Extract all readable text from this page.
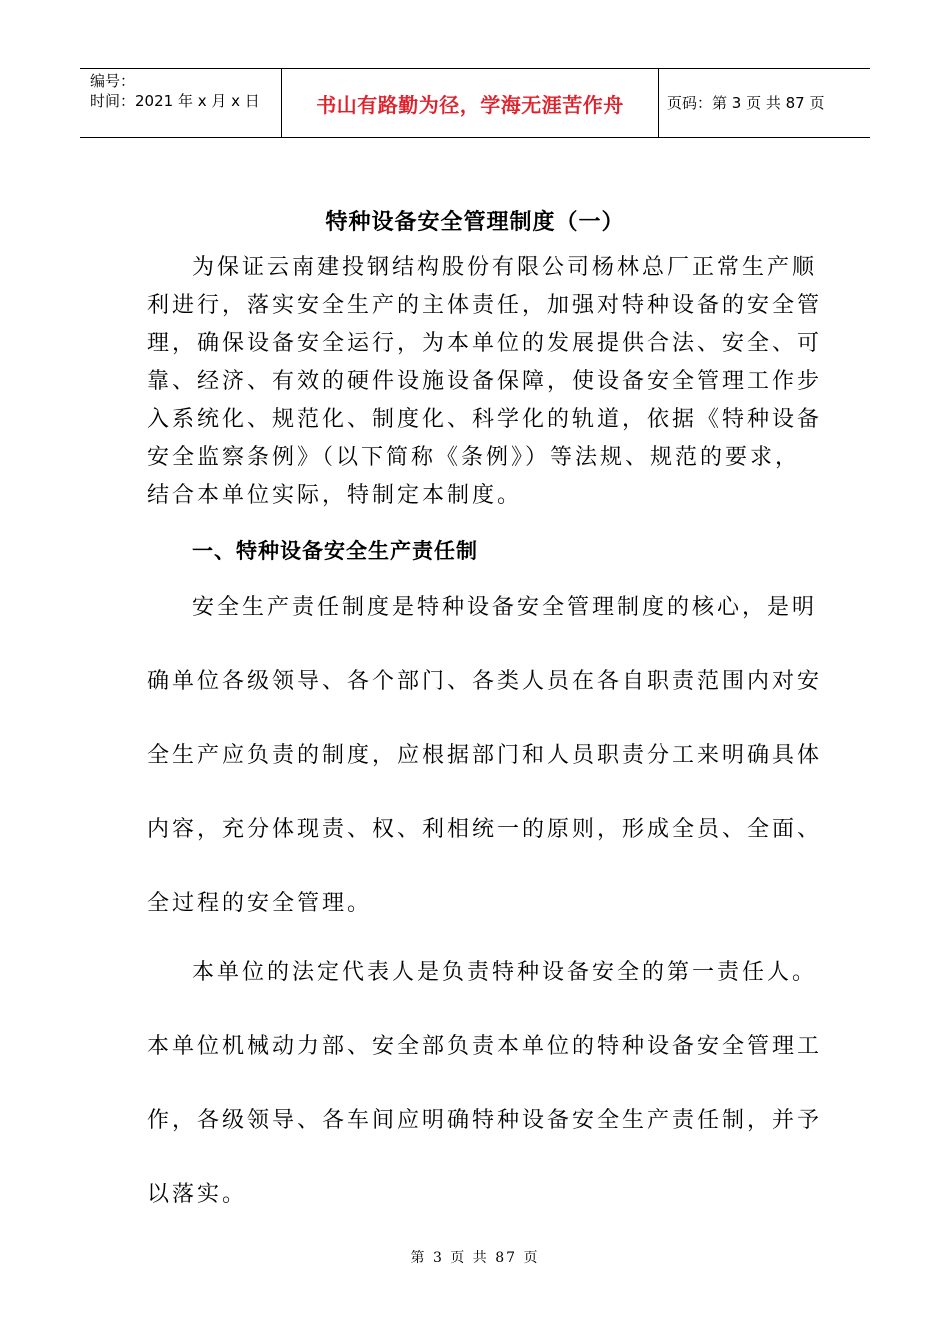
编号：
时间：2021 年 x 月 x 日	书山有路勤为径，学海无涯苦作舟	页码：第 3 页 共 87 页
特种设备安全管理制度（一）
为保证云南建投钢结构股份有限公司杨林总厂正常生产顺
利进行，落实安全生产的主体责任，加强对特种设备的安全管
理，确保设备安全运行，为本单位的发展提供合法、安全、可
靠、经济、有效的硬件设施设备保障，使设备安全管理工作步
入系统化、规范化、制度化、科学化的轨道，依据《特种设备
安全监察条例》（以下简称《条例》）等法规、规范的要求，
结合本单位实际，特制定本制度。
一、特种设备安全生产责任制
安全生产责任制度是特种设备安全管理制度的核心，是明
确单位各级领导、各个部门、各类人员在各自职责范围内对安
全生产应负责的制度，应根据部门和人员职责分工来明确具体
内容，充分体现责、权、利相统一的原则，形成全员、全面、
全过程的安全管理。
本单位的法定代表人是负责特种设备安全的第一责任人。
本单位机械动力部、安全部负责本单位的特种设备安全管理工
作，各级领导、各车间应明确特种设备安全生产责任制，并予
以落实。
第 3 页 共 87 页
